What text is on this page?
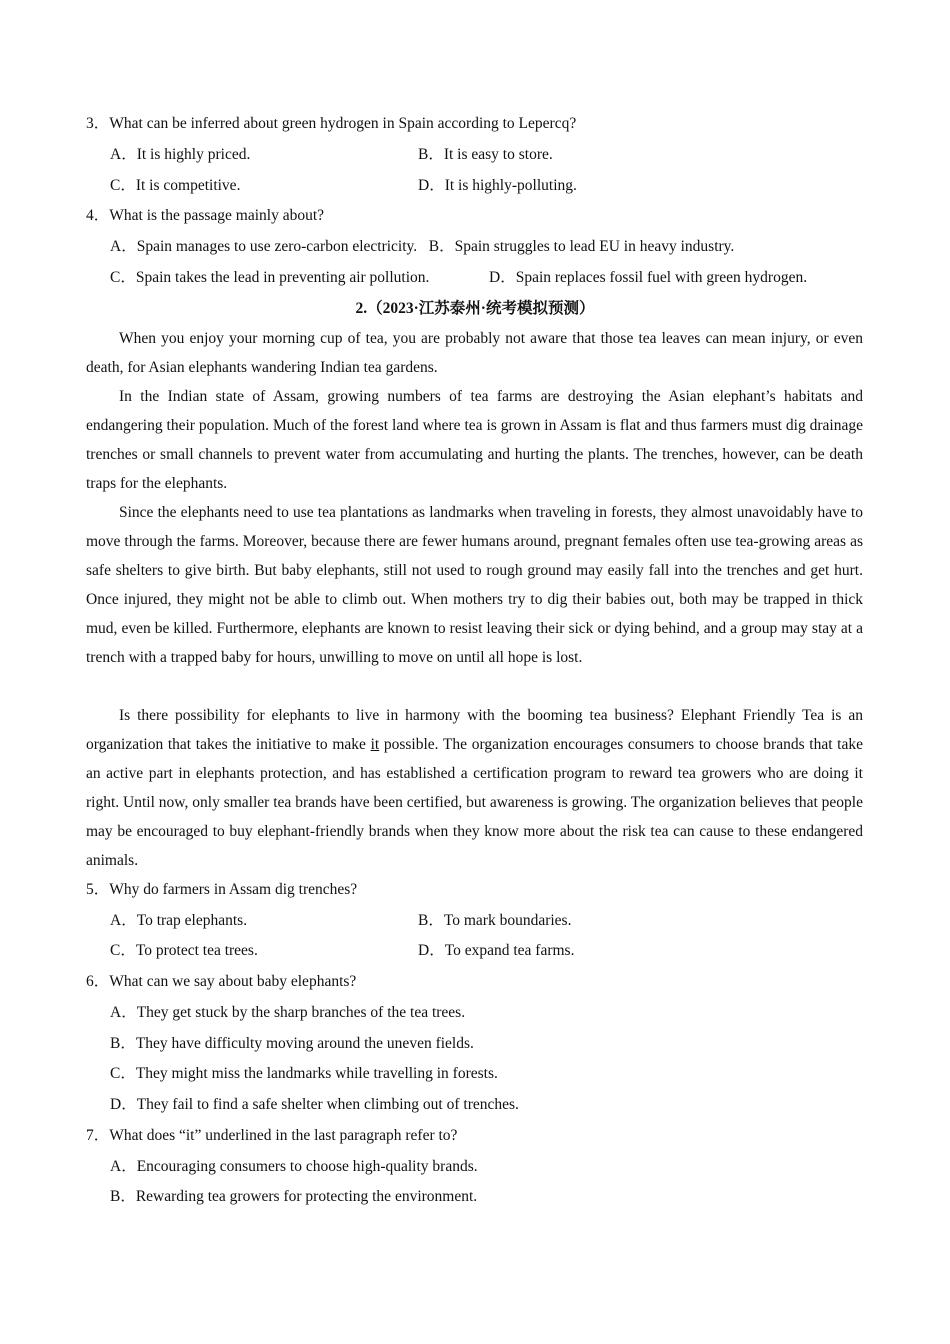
3．What can be inferred about green hydrogen in Spain according to Lepercq?
A．It is highly priced.	B．It is easy to store.
C．It is competitive.	D．It is highly-polluting.
4．What is the passage mainly about?
A．Spain manages to use zero-carbon electricity.   B．Spain struggles to lead EU in heavy industry.
C．Spain takes the lead in preventing air pollution.	D．Spain replaces fossil fuel with green hydrogen.
2.（2023·江苏泰州·统考模拟预测）

When you enjoy your morning cup of tea, you are probably not aware that those tea leaves can mean injury, or even death, for Asian elephants wandering Indian tea gardens.

In the Indian state of Assam, growing numbers of tea farms are destroying the Asian elephant’s habitats and endangering their population. Much of the forest land where tea is grown in Assam is flat and thus farmers must dig drainage trenches or small channels to prevent water from accumulating and hurting the plants. The trenches, however, can be death traps for the elephants.

Since the elephants need to use tea plantations as landmarks when traveling in forests, they almost unavoidably have to move through the farms. Moreover, because there are fewer humans around, pregnant females often use tea-growing areas as safe shelters to give birth. But baby elephants, still not used to rough ground may easily fall into the trenches and get hurt. Once injured, they might not be able to climb out. When mothers try to dig their babies out, both may be trapped in thick mud, even be killed. Furthermore, elephants are known to resist leaving their sick or dying behind, and a group may stay at a trench with a trapped baby for hours, unwilling to move on until all hope is lost.

Is there possibility for elephants to live in harmony with the booming tea business? Elephant Friendly Tea is an organization that takes the initiative to make it possible. The organization encourages consumers to choose brands that take an active part in elephants protection, and has established a certification program to reward tea growers who are doing it right. Until now, only smaller tea brands have been certified, but awareness is growing. The organization believes that people may be encouraged to buy elephant-friendly brands when they know more about the risk tea can cause to these endangered animals.

5．Why do farmers in Assam dig trenches?
A．To trap elephants.	B．To mark boundaries.
C．To protect tea trees.	D．To expand tea farms.
6．What can we say about baby elephants?
A．They get stuck by the sharp branches of the tea trees.
B．They have difficulty moving around the uneven fields.
C．They might miss the landmarks while travelling in forests.
D．They fail to find a safe shelter when climbing out of trenches.
7．What does “it” underlined in the last paragraph refer to?
A．Encouraging consumers to choose high-quality brands.
B．Rewarding tea growers for protecting the environment.
